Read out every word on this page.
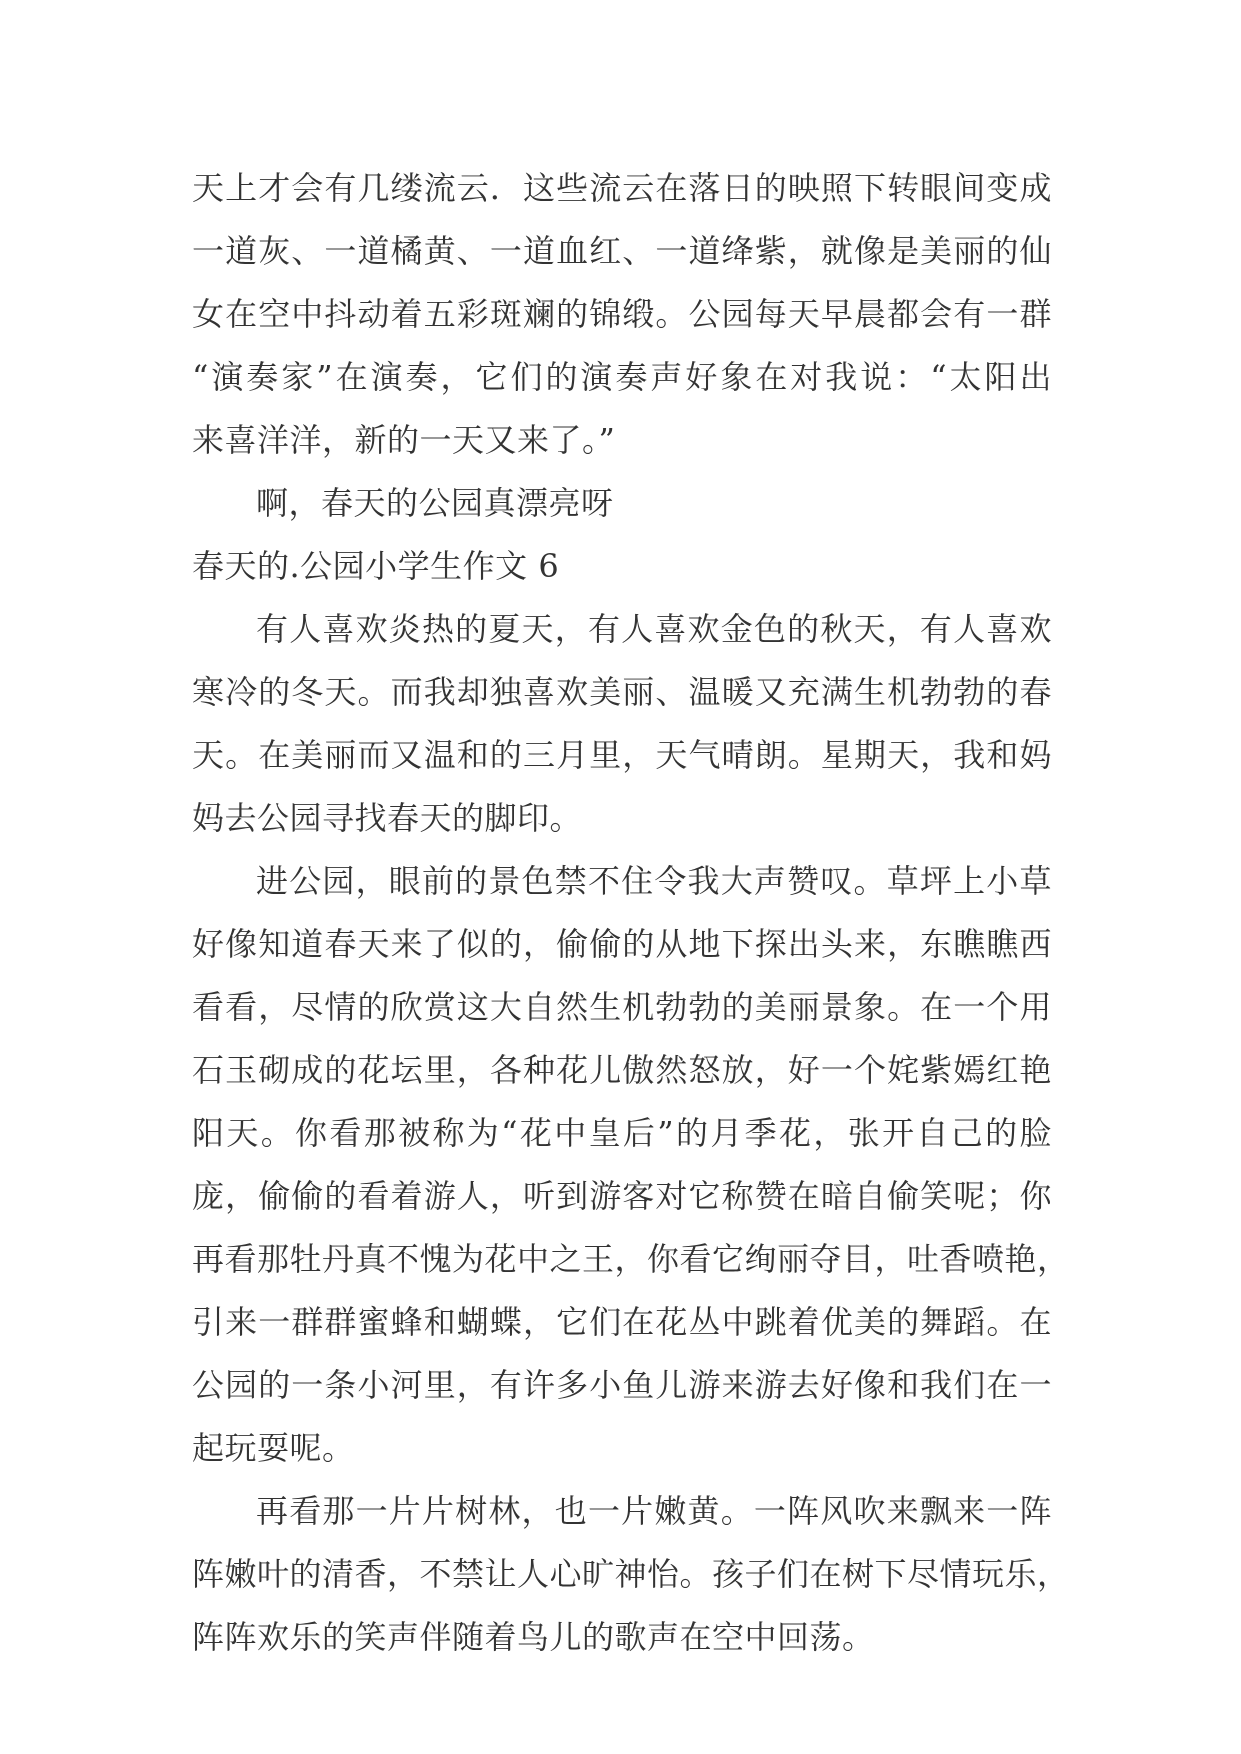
天上才会有几缕流云．这些流云在落日的映照下转眼间变成
一道灰、一道橘黄、一道血红、一道绛紫，就像是美丽的仙
女在空中抖动着五彩斑斓的锦缎。公园每天早晨都会有一群
“演奏家”在演奏，它们的演奏声好象在对我说：“太阳出
来喜洋洋，新的一天又来了。”
啊，春天的公园真漂亮呀
春天的.公园小学生作文 6
有人喜欢炎热的夏天，有人喜欢金色的秋天，有人喜欢
寒冷的冬天。而我却独喜欢美丽、温暖又充满生机勃勃的春
天。在美丽而又温和的三月里，天气晴朗。星期天，我和妈
妈去公园寻找春天的脚印。
进公园，眼前的景色禁不住令我大声赞叹。草坪上小草
好像知道春天来了似的，偷偷的从地下探出头来，东瞧瞧西
看看，尽情的欣赏这大自然生机勃勃的美丽景象。在一个用
石玉砌成的花坛里，各种花儿傲然怒放，好一个姹紫嫣红艳
阳天。你看那被称为“花中皇后”的月季花，张开自己的脸
庞，偷偷的看着游人，听到游客对它称赞在暗自偷笑呢；你
再看那牡丹真不愧为花中之王，你看它绚丽夺目，吐香喷艳，
引来一群群蜜蜂和蝴蝶，它们在花丛中跳着优美的舞蹈。在
公园的一条小河里，有许多小鱼儿游来游去好像和我们在一
起玩耍呢。
再看那一片片树林，也一片嫩黄。一阵风吹来飘来一阵
阵嫩叶的清香，不禁让人心旷神怡。孩子们在树下尽情玩乐，
阵阵欢乐的笑声伴随着鸟儿的歌声在空中回荡。
